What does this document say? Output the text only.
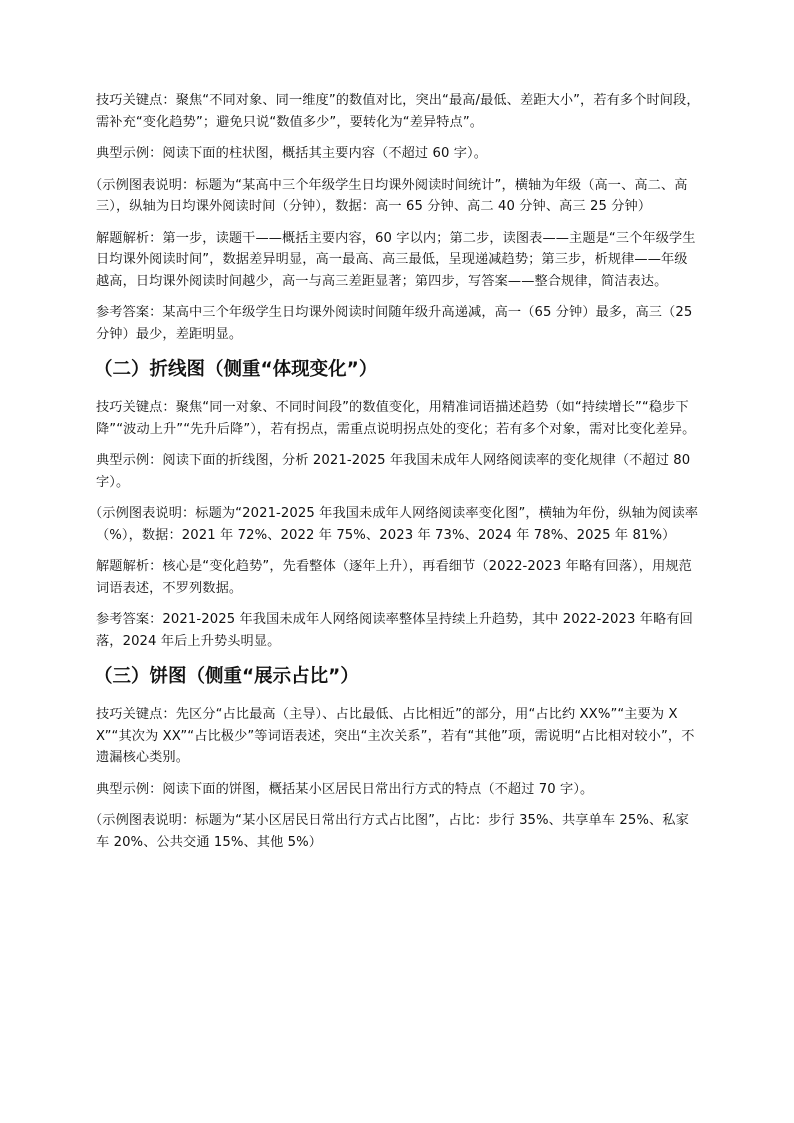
技巧关键点：聚焦“不同对象、同一维度”的数值对比，突出“最高/最低、差距大小”，若有多个时间段，需补充“变化趋势”；避免只说“数值多少”，要转化为“差异特点”。

典型示例：阅读下面的柱状图，概括其主要内容（不超过 60 字）。

（示例图表说明：标题为“某高中三个年级学生日均课外阅读时间统计”，横轴为年级（高一、高二、高三），纵轴为日均课外阅读时间（分钟），数据：高一 65 分钟、高二 40 分钟、高三 25 分钟）

解题解析：第一步，读题干——概括主要内容，60 字以内；第二步，读图表——主题是“三个年级学生日均课外阅读时间”，数据差异明显，高一最高、高三最低，呈现递减趋势；第三步，析规律——年级越高，日均课外阅读时间越少，高一与高三差距显著；第四步，写答案——整合规律，简洁表达。

参考答案：某高中三个年级学生日均课外阅读时间随年级升高递减，高一（65 分钟）最多，高三（25 分钟）最少，差距明显。

（二）折线图（侧重“体现变化”）

技巧关键点：聚焦“同一对象、不同时间段”的数值变化，用精准词语描述趋势（如“持续增长”“稳步下降”“波动上升”“先升后降”），若有拐点，需重点说明拐点处的变化；若有多个对象，需对比变化差异。

典型示例：阅读下面的折线图，分析 2021-2025 年我国未成年人网络阅读率的变化规律（不超过 80 字）。

（示例图表说明：标题为“2021-2025 年我国未成年人网络阅读率变化图”，横轴为年份，纵轴为阅读率（%），数据：2021 年 72%、2022 年 75%、2023 年 73%、2024 年 78%、2025 年 81%）

解题解析：核心是“变化趋势”，先看整体（逐年上升），再看细节（2022-2023 年略有回落），用规范词语表述，不罗列数据。

参考答案：2021-2025 年我国未成年人网络阅读率整体呈持续上升趋势，其中 2022-2023 年略有回落，2024 年后上升势头明显。

（三）饼图（侧重“展示占比”）

技巧关键点：先区分“占比最高（主导）、占比最低、占比相近”的部分，用“占比约 XX%”“主要为 XX”“其次为 XX”“占比极少”等词语表述，突出“主次关系”，若有“其他”项，需说明“占比相对较小”，不遗漏核心类别。

典型示例：阅读下面的饼图，概括某小区居民日常出行方式的特点（不超过 70 字）。

（示例图表说明：标题为“某小区居民日常出行方式占比图”，占比：步行 35%、共享单车 25%、私家车 20%、公共交通 15%、其他 5%）
